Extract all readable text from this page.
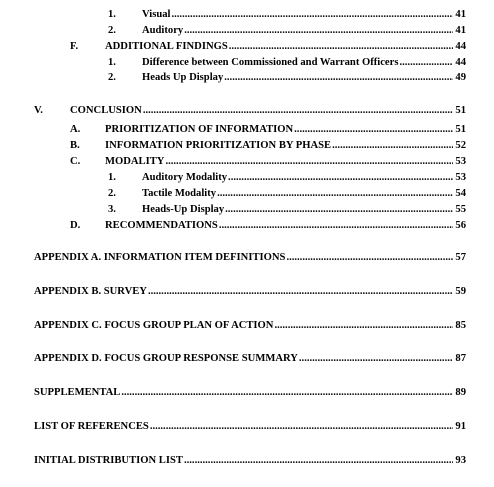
1. Visual .....	41
2. Auditory .....	41
F.	ADDITIONAL FINDINGS .....	44
1. Difference between Commissioned and Warrant Officers .....	44
2. Heads Up Display .....	49
V.	CONCLUSION .....	51
A. PRIORITIZATION OF INFORMATION .....	51
B. INFORMATION PRIORITIZATION BY PHASE .....	52
C. MODALITY .....	53
1. Auditory Modality .....	53
2. Tactile Modality .....	54
3. Heads-Up Display .....	55
D. RECOMMENDATIONS .....	56
APPENDIX A. INFORMATION ITEM DEFINITIONS .....	57
APPENDIX B. SURVEY .....	59
APPENDIX C. FOCUS GROUP PLAN OF ACTION .....	85
APPENDIX D. FOCUS GROUP RESPONSE SUMMARY .....	87
SUPPLEMENTAL .....	89
LIST OF REFERENCES .....	91
INITIAL DISTRIBUTION LIST .....	93
